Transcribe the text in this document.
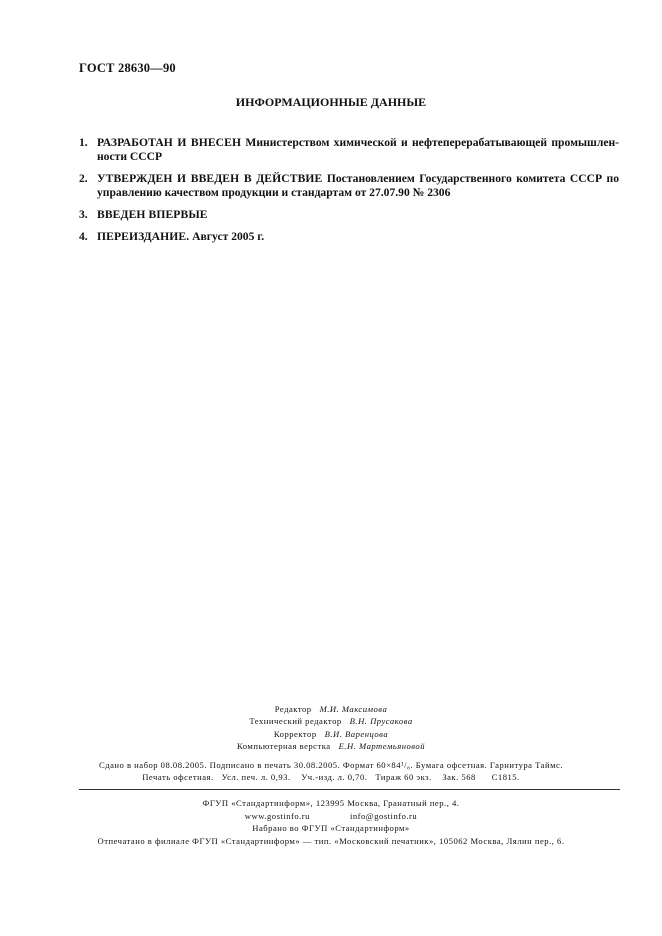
ГОСТ 28630—90
ИНФОРМАЦИОННЫЕ ДАННЫЕ
1. РАЗРАБОТАН И ВНЕСЕН Министерством химической и нефтеперерабатывающей промышлен-ности СССР
2. УТВЕРЖДЕН И ВВЕДЕН В ДЕЙСТВИЕ Постановлением Государственного комитета СССР по управлению качеством продукции и стандартам от 27.07.90 № 2306
3. ВВЕДЕН ВПЕРВЫЕ
4. ПЕРЕИЗДАНИЕ. Август 2005 г.
Редактор М.И. Максимова
Технический редактор В.Н. Прусакова
Корректор В.И. Варенцова
Компьютерная верстка Е.Н. Мартемьяновой
Сдано в набор 08.08.2005. Подписано в печать 30.08.2005. Формат 60×84¹/₈. Бумага офсетная. Гарнитура Таймс.
Печать офсетная.   Усл. печ. л. 0,93.    Уч.-изд. л. 0,70.   Тираж 60 экз.    Зак. 568      С1815.
ФГУП «Стандартинформ», 123995 Москва, Гранатный пер., 4.
www.gostinfo.ru	info@gostinfo.ru
Набрано во ФГУП «Стандартинформ»
Отпечатано в филиале ФГУП «Стандартинформ» — тип. «Московский печатник», 105062 Москва, Лялин пер., 6.
